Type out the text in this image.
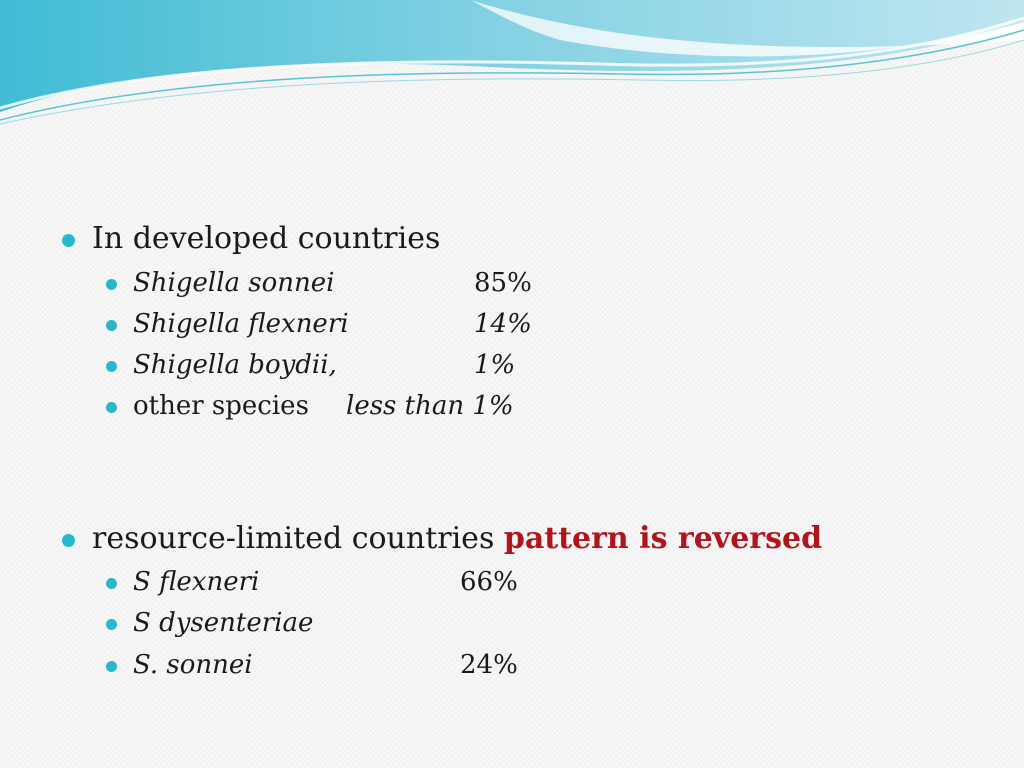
In developed countries
Shigella sonnei	85%
Shigella flexneri	14%
Shigella boydii,	1%
other species less than 1%
resource-limited countries pattern is reversed
S flexneri	66%
S dysenteriae
S. sonnei	24%
